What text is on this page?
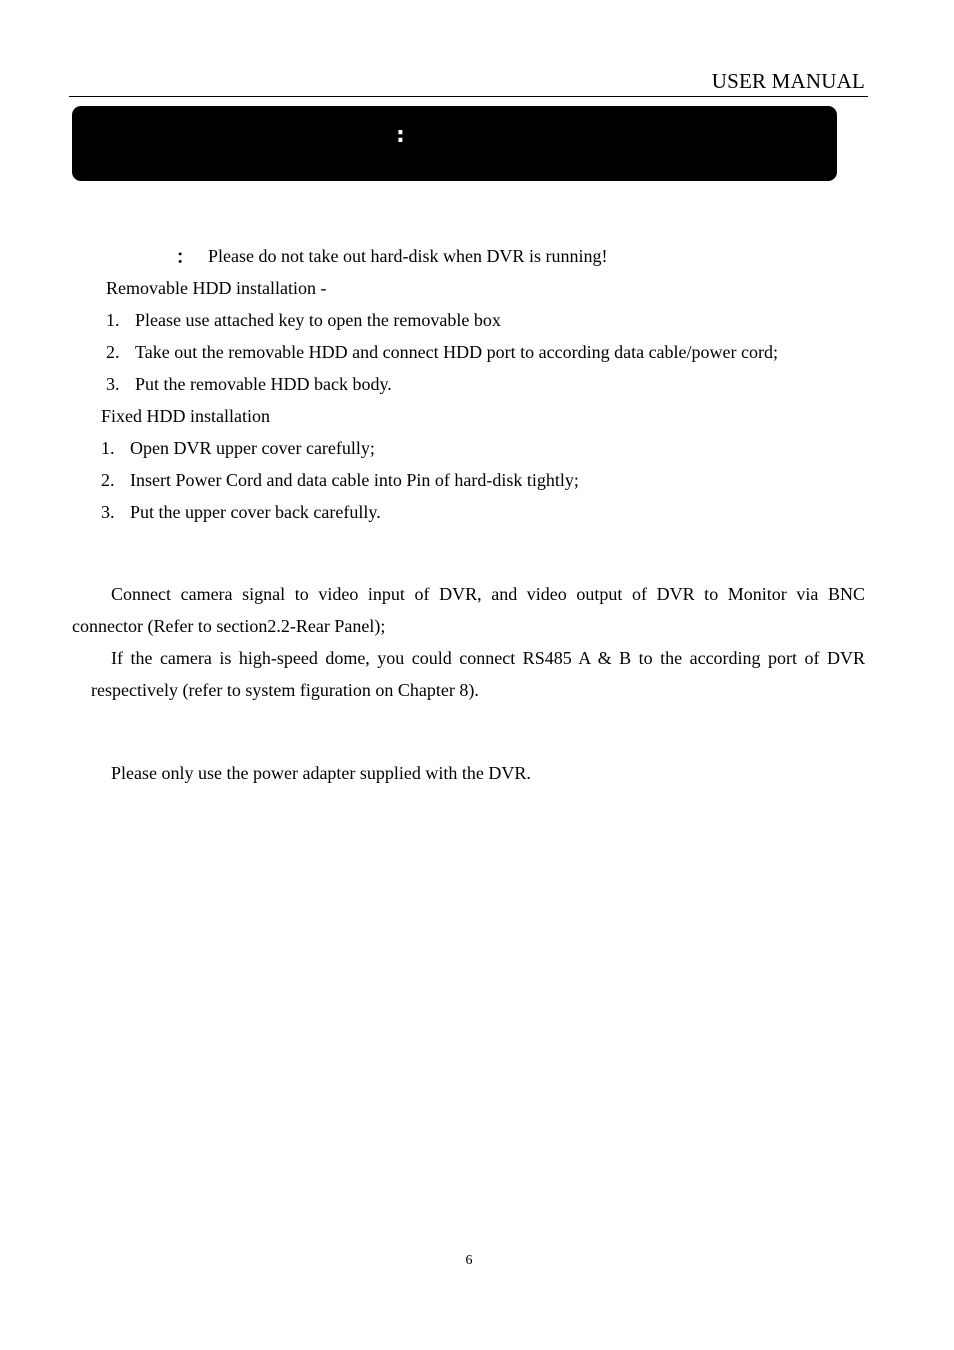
USER MANUAL
:
： Please do not take out hard-disk when DVR is running!
Removable HDD installation -
1. Please use attached key to open the removable box
2. Take out the removable HDD and connect HDD port to according data cable/power cord;
3. Put the removable HDD back body.
Fixed HDD installation
1. Open DVR upper cover carefully;
2. Insert Power Cord and data cable into Pin of hard-disk tightly;
3. Put the upper cover back carefully.
Connect camera signal to video input of DVR, and video output of DVR to Monitor via BNC
connector (Refer to section2.2-Rear Panel);
If the camera is high-speed dome, you could connect RS485 A & B to the according port of DVR
respectively (refer to system figuration on Chapter 8).
Please only use the power adapter supplied with the DVR.
6
